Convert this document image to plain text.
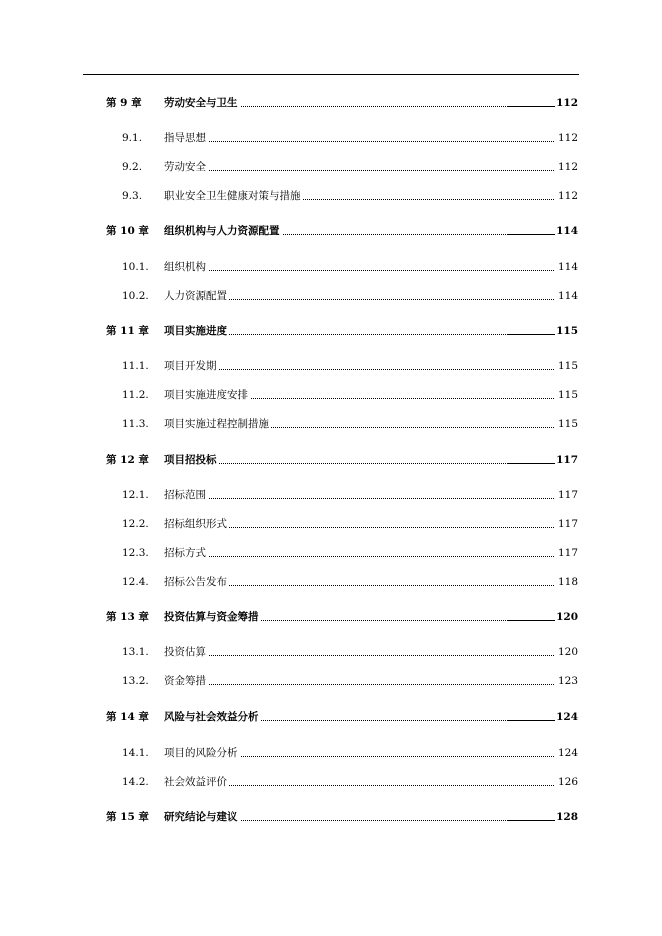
第 9 章 劳动安全与卫生	112
9.1. 指导思想	112
9.2. 劳动安全	112
9.3. 职业安全卫生健康对策与措施	112
第 10 章 组织机构与人力资源配置	114
10.1. 组织机构	114
10.2. 人力资源配置	114
第 11 章 项目实施进度	115
11.1. 项目开发期	115
11.2. 项目实施进度安排	115
11.3. 项目实施过程控制措施	115
第 12 章 项目招投标	117
12.1. 招标范围	117
12.2. 招标组织形式	117
12.3. 招标方式	117
12.4. 招标公告发布	118
第 13 章 投资估算与资金筹措	120
13.1. 投资估算	120
13.2. 资金筹措	123
第 14 章 风险与社会效益分析	124
14.1. 项目的风险分析	124
14.2. 社会效益评价	126
第 15 章 研究结论与建议	128
